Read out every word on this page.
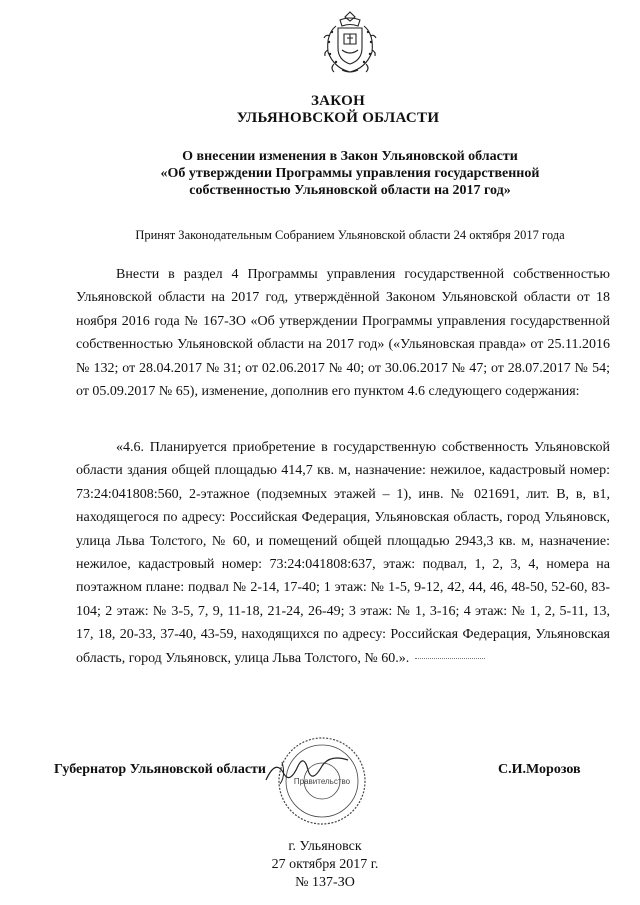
ЗАКОН
УЛЬЯНОВСКОЙ ОБЛАСТИ
О внесении изменения в Закон Ульяновской области
«Об утверждении Программы управления государственной
собственностью Ульяновской области на 2017 год»
Принят Законодательным Собранием Ульяновской области 24 октября 2017 года

Внести в раздел 4 Программы управления государственной собственностью Ульяновской области на 2017 год, утверждённой Законом Ульяновской области от 18 ноября 2016 года № 167-ЗО «Об утверждении Программы управления государственной собственностью Ульяновской области на 2017 год» («Ульяновская правда» от 25.11.2016 № 132; от 28.04.2017 № 31; от 02.06.2017 № 40; от 30.06.2017 № 47; от 28.07.2017 № 54; от 05.09.2017 № 65), изменение, дополнив его пунктом 4.6 следующего содержания:

«4.6. Планируется приобретение в государственную собственность Ульяновской области здания общей площадью 414,7 кв. м, назначение: нежилое, кадастровый номер: 73:24:041808:560, 2-этажное (подземных этажей – 1), инв. № 021691, лит. В, в, в1, находящегося по адресу: Российская Федерация, Ульяновская область, город Ульяновск, улица Льва Толстого, № 60, и помещений общей площадью 2943,3 кв. м, назначение: нежилое, кадастровый номер: 73:24:041808:637, этаж: подвал, 1, 2, 3, 4, номера на поэтажном плане: подвал № 2-14, 17-40; 1 этаж: № 1-5, 9-12, 42, 44, 46, 48-50, 52-60, 83-104; 2 этаж: № 3-5, 7, 9, 11-18, 21-24, 26-49; 3 этаж: № 1, 3-16; 4 этаж: № 1, 2, 5-11, 13, 17, 18, 20-33, 37-40, 43-59, находящихся по адресу: Российская Федерация, Ульяновская область, город Ульяновск, улица Льва Толстого, № 60.».

Губернатор Ульяновской области
Правительство
С.И.Морозов
г. Ульяновск
27 октября 2017 г.
№ 137-ЗО
